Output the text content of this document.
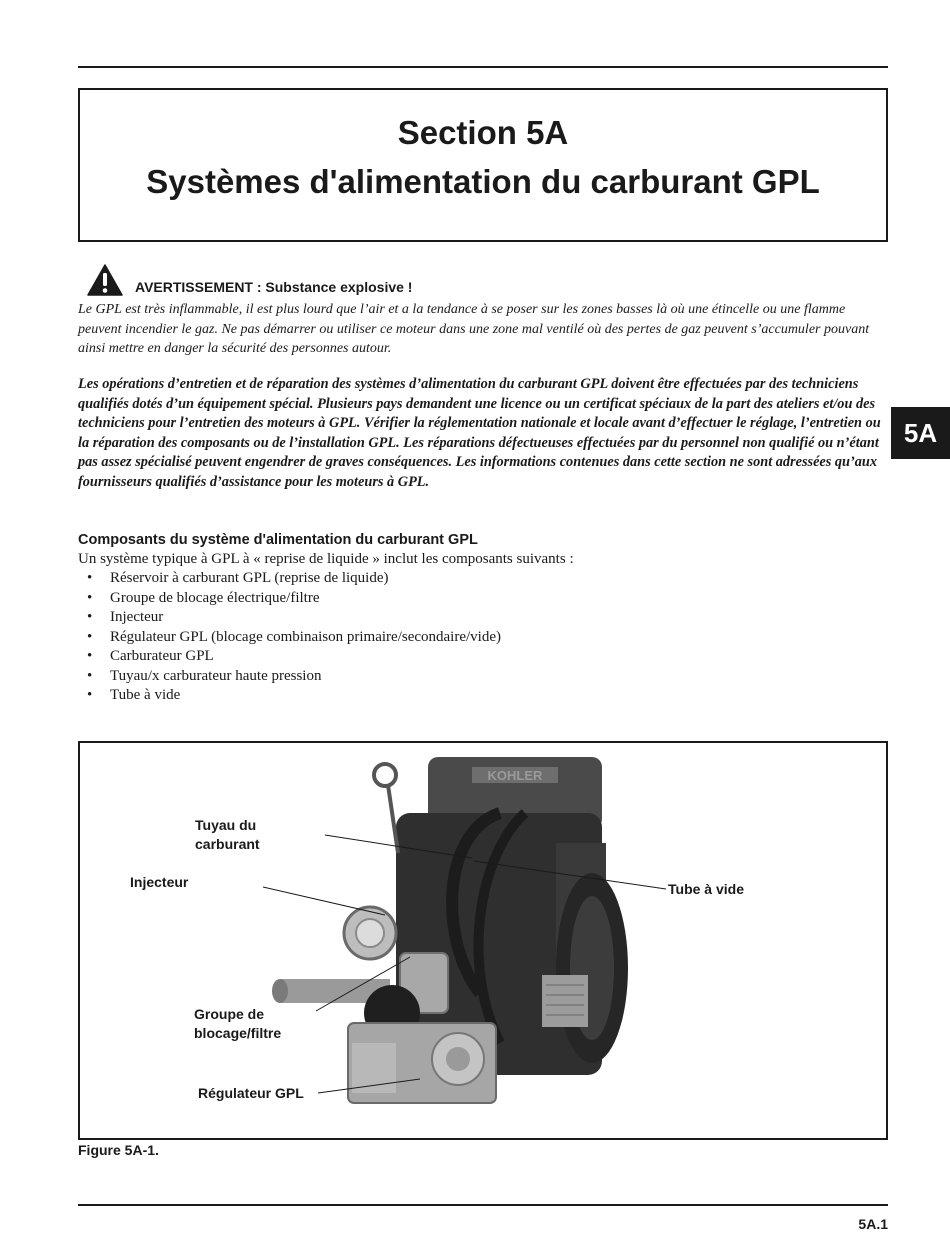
Section 5A
Systèmes d'alimentation du carburant GPL
5A
AVERTISSEMENT : Substance explosive !
Le GPL est très inflammable, il est plus lourd que l’air et a la tendance à se poser sur les zones basses là où une étincelle ou une flamme peuvent incendier le gaz. Ne pas démarrer ou utiliser ce moteur dans une zone mal ventilé où des pertes de gaz peuvent s’accumuler pouvant ainsi mettre en danger la sécurité des personnes autour.
Les opérations d’entretien et de réparation des systèmes d’alimentation du carburant GPL doivent être effectuées par des techniciens qualifiés dotés d’un équipement spécial. Plusieurs pays demandent une licence ou un certificat spéciaux de la part des ateliers et/ou des techniciens pour l’entretien des moteurs à GPL. Vérifier la réglementation nationale et locale avant d’effectuer le réglage, l’entretien ou la réparation des composants ou de l’installation GPL. Les réparations défectueuses effectuées par du personnel non qualifié ou n’étant pas assez spécialisé peuvent engendrer de graves conséquences. Les informations contenues dans cette section ne sont adressées qu’aux fournisseurs qualifiés d’assistance pour les moteurs à GPL.
Composants du système d'alimentation du carburant GPL
Un système typique à GPL à « reprise de liquide » inclut les composants suivants :
• Réservoir à carburant GPL (reprise de liquide)
• Groupe de blocage électrique/filtre
• Injecteur
• Régulateur GPL (blocage combinaison primaire/secondaire/vide)
• Carburateur GPL
• Tuyau/x carburateur haute pression
• Tube à vide
KOHLER
Tuyau du
carburant
Injecteur	Tube à vide
Groupe de
blocage/filtre
Régulateur GPL
Figure 5A-1.
5A.1
